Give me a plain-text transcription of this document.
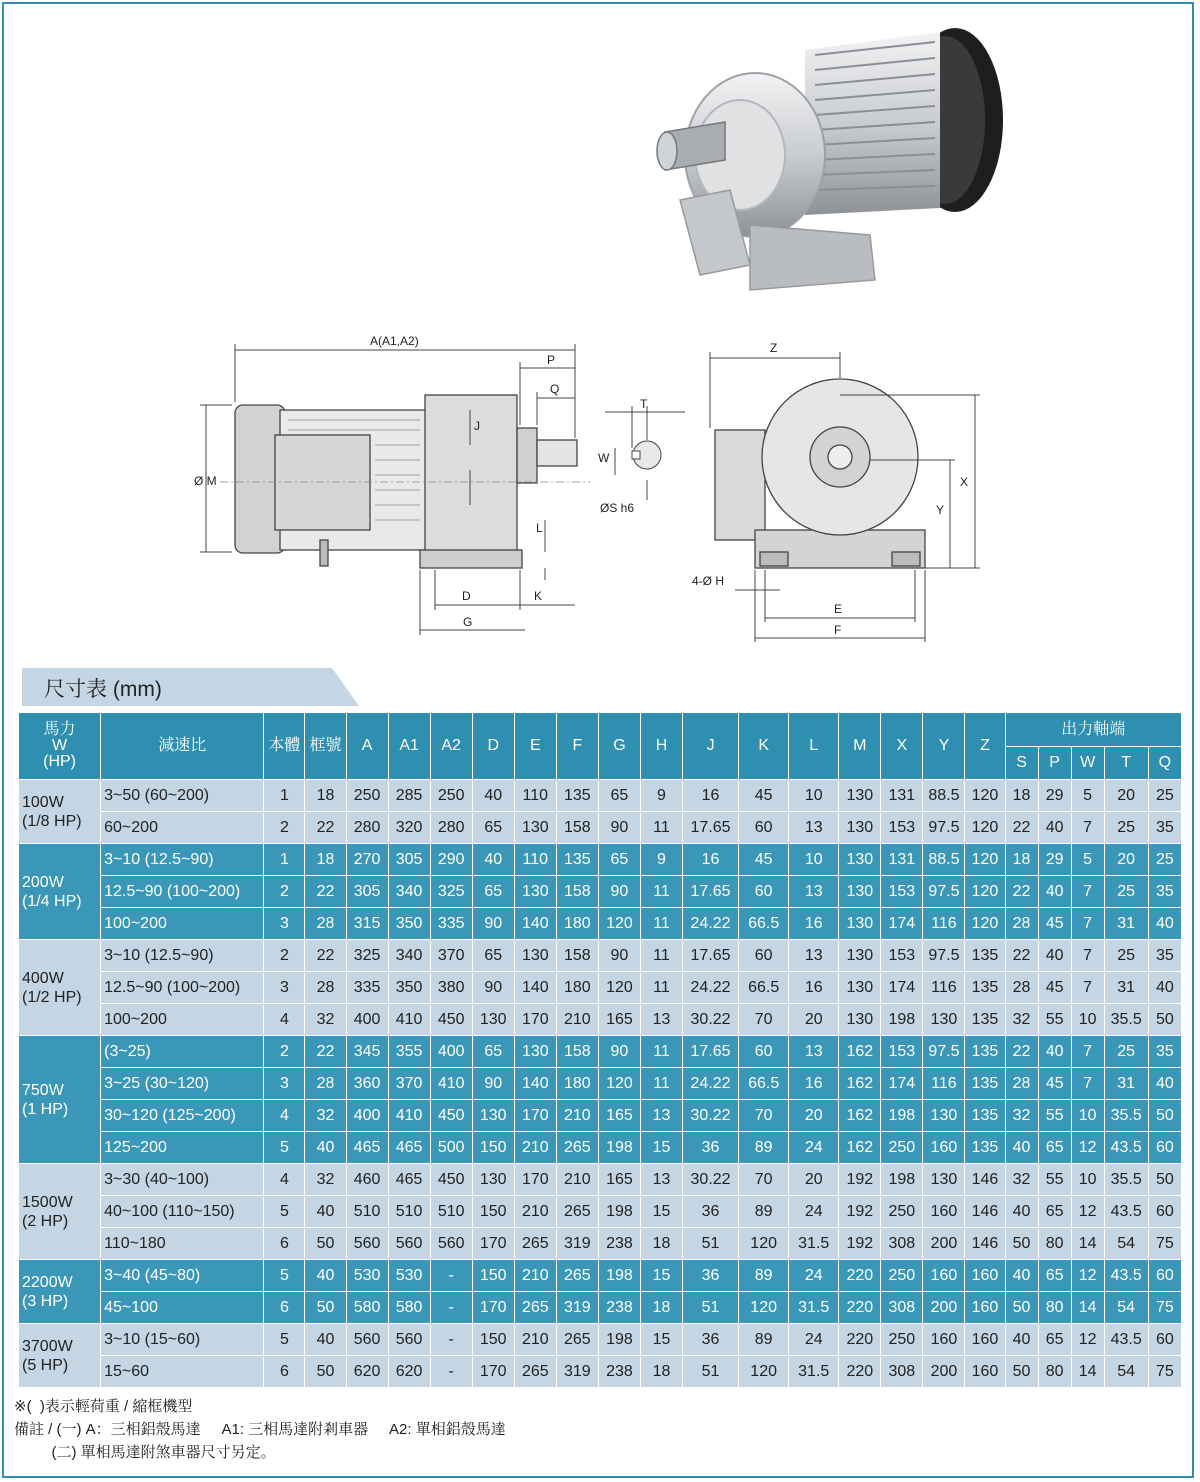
A(A1,A2)
P
Q
J
Ø M
L
D	K
G
T
W
ØS h6
Z
X
Y
4-Ø H
E
F
尺寸表 (mm)
馬力
W
(HP)	減速比	本體	框號	A	A1	A2	D	E	F	G	H	J	K	L	M	X	Y	Z	出力軸端				
																			S	P	W	T	Q

100W
(1/8 HP)	3~50 (60~200)	1	18	250	285	250	40	110	135	65	9	16	45	10	130	131	88.5	120	18	29	5	20	25
	60~200	2	22	280	320	280	65	130	158	90	11	17.65	60	13	130	153	97.5	120	22	40	7	25	35

200W
(1/4 HP)	3~10 (12.5~90)	1	18	270	305	290	40	110	135	65	9	16	45	10	130	131	88.5	120	18	29	5	20	25
	12.5~90 (100~200)	2	22	305	340	325	65	130	158	90	11	17.65	60	13	130	153	97.5	120	22	40	7	25	35
	100~200	3	28	315	350	335	90	140	180	120	11	24.22	66.5	16	130	174	116	120	28	45	7	31	40

400W
(1/2 HP)	3~10 (12.5~90)	2	22	325	340	370	65	130	158	90	11	17.65	60	13	130	153	97.5	135	22	40	7	25	35
	12.5~90 (100~200)	3	28	335	350	380	90	140	180	120	11	24.22	66.5	16	130	174	116	135	28	45	7	31	40
	100~200	4	32	400	410	450	130	170	210	165	13	30.22	70	20	130	198	130	135	32	55	10	35.5	50

750W
(1 HP)	(3~25)	2	22	345	355	400	65	130	158	90	11	17.65	60	13	162	153	97.5	135	22	40	7	25	35
	3~25 (30~120)	3	28	360	370	410	90	140	180	120	11	24.22	66.5	16	162	174	116	135	28	45	7	31	40
	30~120 (125~200)	4	32	400	410	450	130	170	210	165	13	30.22	70	20	162	198	130	135	32	55	10	35.5	50
	125~200	5	40	465	465	500	150	210	265	198	15	36	89	24	162	250	160	135	40	65	12	43.5	60

1500W
(2 HP)	3~30 (40~100)	4	32	460	465	450	130	170	210	165	13	30.22	70	20	192	198	130	146	32	55	10	35.5	50
	40~100 (110~150)	5	40	510	510	510	150	210	265	198	15	36	89	24	192	250	160	146	40	65	12	43.5	60
	110~180	6	50	560	560	560	170	265	319	238	18	51	120	31.5	192	308	200	146	50	80	14	54	75

2200W
(3 HP)	3~40 (45~80)	5	40	530	530	-	150	210	265	198	15	36	89	24	220	250	160	160	40	65	12	43.5	60
	45~100	6	50	580	580	-	170	265	319	238	18	51	120	31.5	220	308	200	160	50	80	14	54	75

3700W
(5 HP)	3~10 (15~60)	5	40	560	560	-	150	210	265	198	15	36	89	24	220	250	160	160	40	65	12	43.5	60
	15~60	6	50	620	620	-	170	265	319	238	18	51	120	31.5	220	308	200	160	50	80	14	54	75
※(  )表示輕荷重 / 縮框機型
備註 / (一) A：三相鋁殼馬達     A1: 三相馬達附剎車器     A2: 單相鋁殼馬達
(二) 單相馬達附煞車器尺寸另定。
